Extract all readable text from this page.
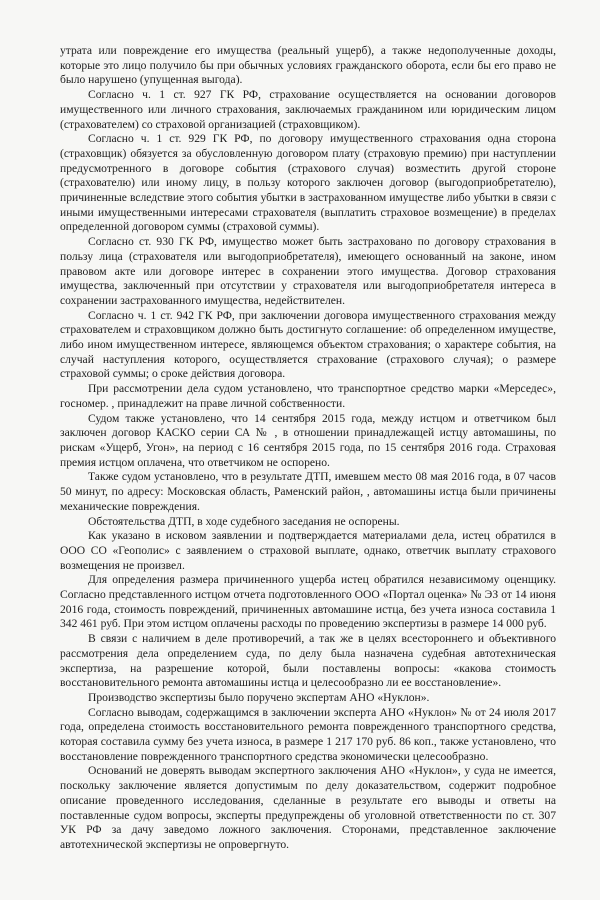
утрата или повреждение его имущества (реальный ущерб), а также недополученные доходы, которые это лицо получило бы при обычных условиях гражданского оборота, если бы его право не было нарушено (упущенная выгода).

Согласно ч. 1 ст. 927 ГК РФ, страхование осуществляется на основании договоров имущественного или личного страхования, заключаемых гражданином или юридическим лицом (страхователем) со страховой организацией (страховщиком).

Согласно ч. 1 ст. 929 ГК РФ, по договору имущественного страхования одна сторона (страховщик) обязуется за обусловленную договором плату (страховую премию) при наступлении предусмотренного в договоре события (страхового случая) возместить другой стороне (страхователю) или иному лицу, в пользу которого заключен договор (выгодоприобретателю), причиненные вследствие этого события убытки в застрахованном имуществе либо убытки в связи с иными имущественными интересами страхователя (выплатить страховое возмещение) в пределах определенной договором суммы (страховой суммы).

Согласно ст. 930 ГК РФ, имущество может быть застраховано по договору страхования в пользу лица (страхователя или выгодоприобретателя), имеющего основанный на законе, ином правовом акте или договоре интерес в сохранении этого имущества. Договор страхования имущества, заключенный при отсутствии у страхователя или выгодоприобретателя интереса в сохранении застрахованного имущества, недействителен.

Согласно ч. 1 ст. 942 ГК РФ, при заключении договора имущественного страхования между страхователем и страховщиком должно быть достигнуто соглашение: об определенном имуществе, либо ином имущественном интересе, являющемся объектом страхования; о характере события, на случай наступления которого, осуществляется страхование (страхового случая); о размере страховой суммы; о сроке действия договора.

При рассмотрении дела судом установлено, что транспортное средство марки «Мерседес», госномер. , принадлежит на праве личной собственности.

Судом также установлено, что 14 сентября 2015 года, между истцом и ответчиком был заключен договор КАСКО серии СА № , в отношении принадлежащей истцу автомашины, по рискам «Ущерб, Угон», на период с 16 сентября 2015 года, по 15 сентября 2016 года. Страховая премия истцом оплачена, что ответчиком не оспорено.

Также судом установлено, что в результате ДТП, имевшем место 08 мая 2016 года, в 07 часов 50 минут, по адресу: Московская область, Раменский район, , автомашины истца были причинены механические повреждения.

Обстоятельства ДТП, в ходе судебного заседания не оспорены.

Как указано в исковом заявлении и подтверждается материалами дела, истец обратился в ООО СО «Геополис» с заявлением о страховой выплате, однако, ответчик выплату страхового возмещения не произвел.

Для определения размера причиненного ущерба истец обратился независимому оценщику. Согласно представленного истцом отчета подготовленного ООО «Портал оценка» № ЭЗ от 14 июня 2016 года, стоимость повреждений, причиненных автомашине истца, без учета износа составила 1 342 461 руб. При этом истцом оплачены расходы по проведению экспертизы в размере 14 000 руб.

В связи с наличием в деле противоречий, а так же в целях всестороннего и объективного рассмотрения дела определением суда, по делу была назначена судебная автотехническая экспертиза, на разрешение которой, были поставлены вопросы: «какова стоимость восстановительного ремонта автомашины истца и целесообразно ли ее восстановление».

Производство экспертизы было поручено экспертам АНО «Нуклон».

Согласно выводам, содержащимся в заключении эксперта АНО «Нуклон» № от 24 июля 2017 года, определена стоимость восстановительного ремонта поврежденного транспортного средства, которая составила сумму без учета износа, в размере 1 217 170 руб. 86 коп., также установлено, что восстановление поврежденного транспортного средства экономически целесообразно.

Оснований не доверять выводам экспертного заключения АНО «Нуклон», у суда не имеется, поскольку заключение является допустимым по делу доказательством, содержит подробное описание проведенного исследования, сделанные в результате его выводы и ответы на поставленные судом вопросы, эксперты предупреждены об уголовной ответственности по ст. 307 УК РФ за дачу заведомо ложного заключения. Сторонами, представленное заключение автотехнической экспертизы не опровергнуто.
